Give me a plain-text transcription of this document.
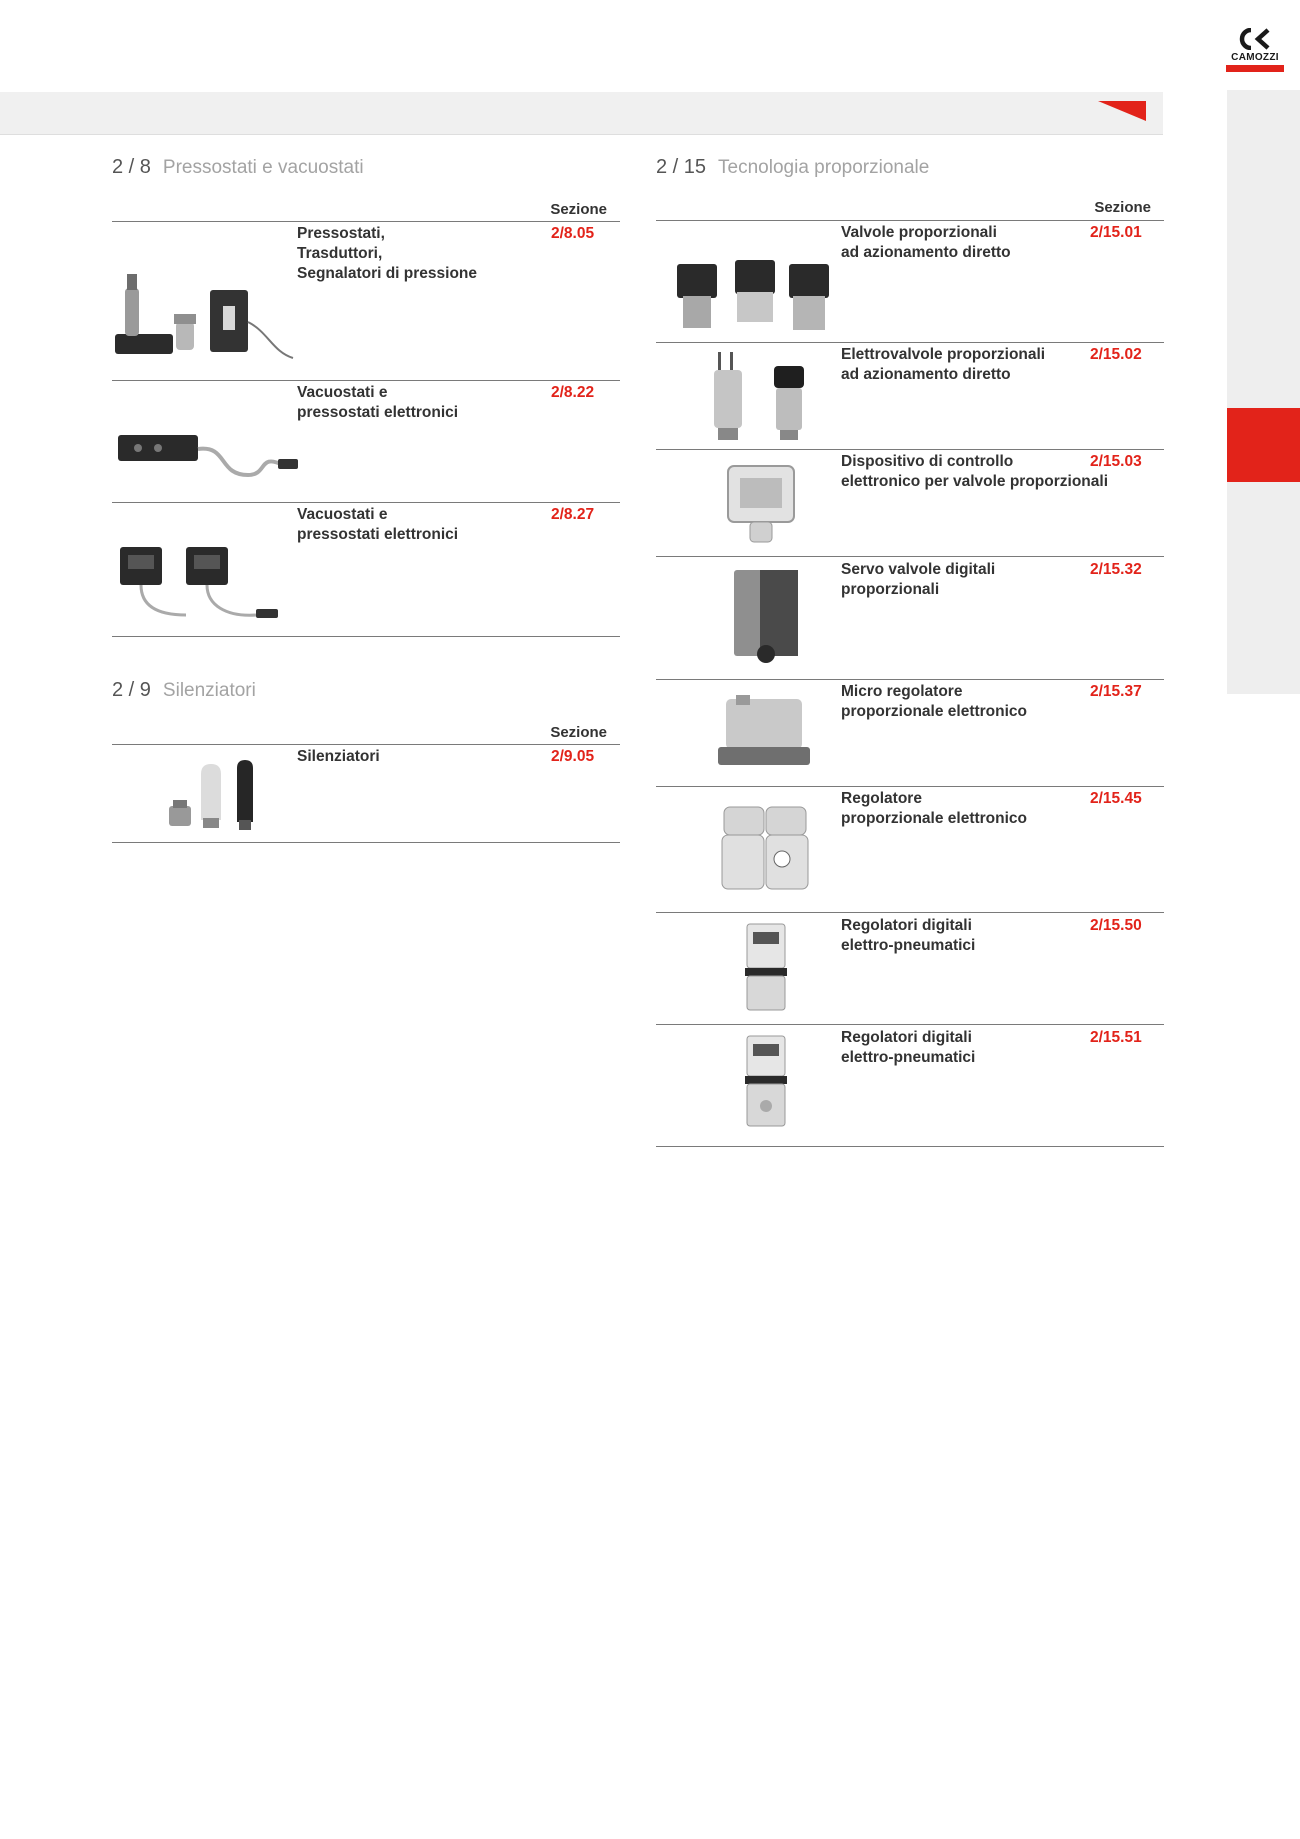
CAMOZZI
2 / 8 Pressostati e vacuostati
Sezione
Pressostati,
Trasduttori,
Segnalatori di pressione
2/8.05
Vacuostati e
pressostati elettronici
2/8.22
Vacuostati e
pressostati elettronici
2/8.27
2 / 9 Silenziatori
Sezione
Silenziatori	2/9.05
2 / 15 Tecnologia proporzionale
Sezione
Valvole proporzionali
ad azionamento diretto
2/15.01
Elettrovalvole proporzionali
ad azionamento diretto
2/15.02
Dispositivo di controllo
elettronico per valvole proporzionali
2/15.03
Servo valvole digitali
proporzionali
2/15.32
Micro regolatore
proporzionale elettronico
2/15.37
Regolatore
proporzionale elettronico
2/15.45
Regolatori digitali
elettro-pneumatici
2/15.50
Regolatori digitali
elettro-pneumatici
2/15.51
